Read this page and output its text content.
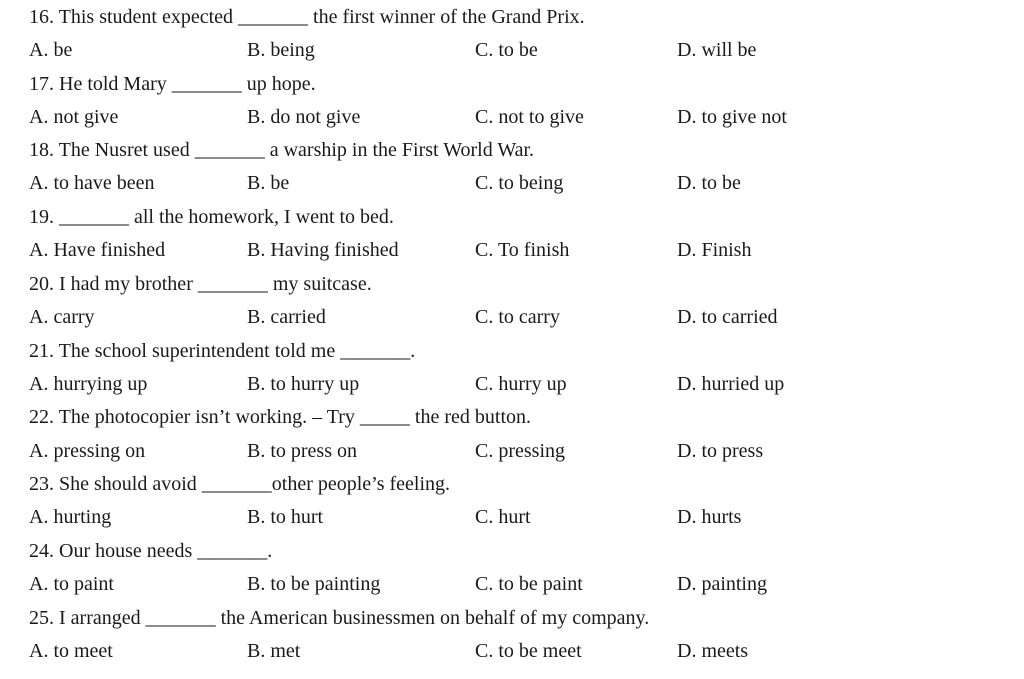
16. This student expected _______ the first winner of the Grand Prix.
A. be	B. being	C. to be	D. will be
17. He told Mary _______ up hope.
A. not give	B. do not give	C. not to give	D. to give not
18. The Nusret used _______ a warship in the First World War.
A. to have been	B. be	C. to being	D. to be
19. _______ all the homework, I went to bed.
A. Have finished	B. Having finished	C. To finish	D. Finish
20. I had my brother _______ my suitcase.
A. carry	B. carried	C. to carry	D. to carried
21. The school superintendent told me _______.
A. hurrying up	B. to hurry up	C. hurry up	D. hurried up
22. The photocopier isn’t working. – Try _____ the red button.
A. pressing on	B. to press on	C. pressing	D. to press
23. She should avoid _______other people’s feeling.
A. hurting	B. to hurt	C. hurt	D. hurts
24. Our house needs _______.
A. to paint	B. to be painting	C. to be paint	D. painting
25. I arranged _______ the American businessmen on behalf of my company.
A. to meet	B. met	C. to be meet	D. meets
